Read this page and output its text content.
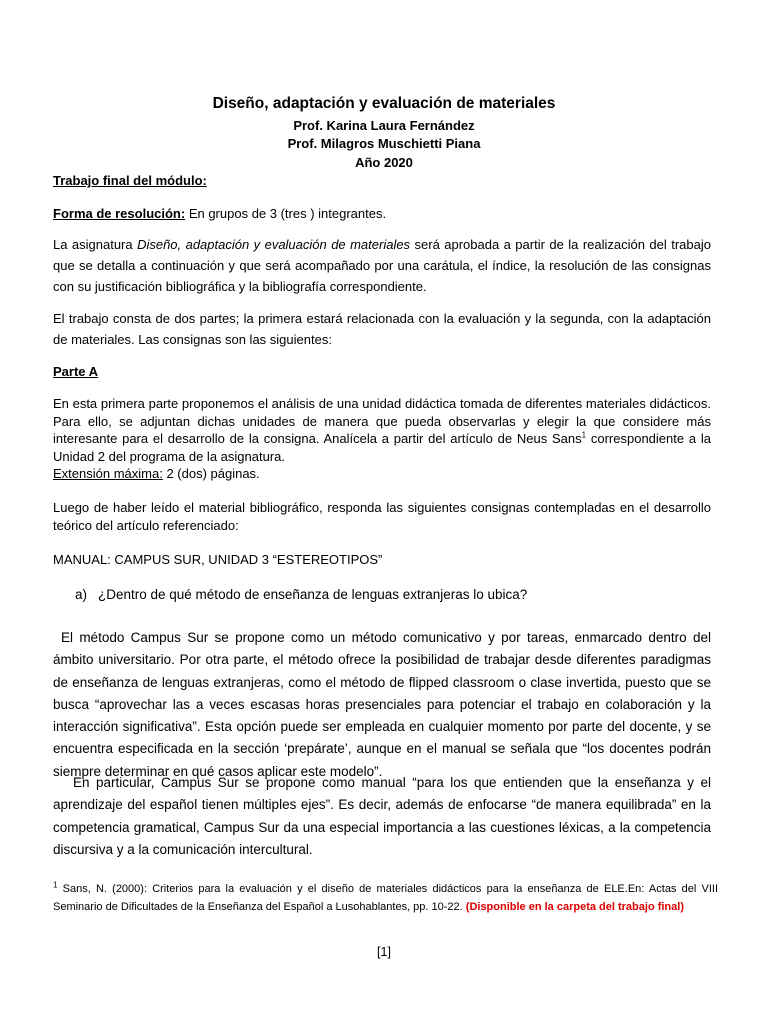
Diseño, adaptación y evaluación de materiales

Prof. Karina Laura Fernández

Prof. Milagros Muschietti Piana

Año 2020

Trabajo final del módulo:

Forma de resolución: En grupos de 3 (tres ) integrantes.

La asignatura Diseño, adaptación y evaluación de materiales será aprobada a partir de la realización del trabajo que se detalla a continuación y que será acompañado por una carátula, el índice, la resolución de las consignas con su justificación bibliográfica y la bibliografía correspondiente.

El trabajo consta de dos partes; la primera estará relacionada con la evaluación y la segunda, con la adaptación de materiales. Las consignas son las siguientes:

Parte A

En esta primera parte proponemos el análisis de una unidad didáctica tomada de diferentes materiales didácticos. Para ello, se adjuntan dichas unidades de manera que pueda observarlas y elegir la que considere más interesante para el desarrollo de la consigna. Analícela a partir del artículo de Neus Sans$^1$ correspondiente a la Unidad 2 del programa de la asignatura.
Extensión máxima: 2 (dos) páginas.

Luego de haber leído el material bibliográfico, responda las siguientes consignas contempladas en el desarrollo teórico del artículo referenciado:

MANUAL: CAMPUS SUR, UNIDAD 3 “ESTEREOTIPOS”

a) ¿Dentro de qué método de enseñanza de lenguas extranjeras lo ubica?

El método Campus Sur se propone como un método comunicativo y por tareas, enmarcado dentro del ámbito universitario. Por otra parte, el método ofrece la posibilidad de trabajar desde diferentes paradigmas de enseñanza de lenguas extranjeras, como el método de flipped classroom o clase invertida, puesto que se busca “aprovechar las a veces escasas horas presenciales para potenciar el trabajo en colaboración y la interacción significativa”. Esta opción puede ser empleada en cualquier momento por parte del docente, y se encuentra especificada en la sección ‘prepárate’, aunque en el manual se señala que “los docentes podrán siempre determinar en qué casos aplicar este modelo”.

En particular, Campus Sur se propone como manual “para los que entienden que la enseñanza y el aprendizaje del español tienen múltiples ejes”. Es decir, además de enfocarse “de manera equilibrada” en la competencia gramatical, Campus Sur da una especial importancia a las cuestiones léxicas, a la competencia discursiva y a la comunicación intercultural.

$^1$ Sans, N. (2000): Criterios para la evaluación y el diseño de materiales didácticos para la enseñanza de ELE.En: Actas del VIII Seminario de Dificultades de la Enseñanza del Español a Lusohablantes, pp. 10-22. (Disponible en la carpeta del trabajo final)

[1]
